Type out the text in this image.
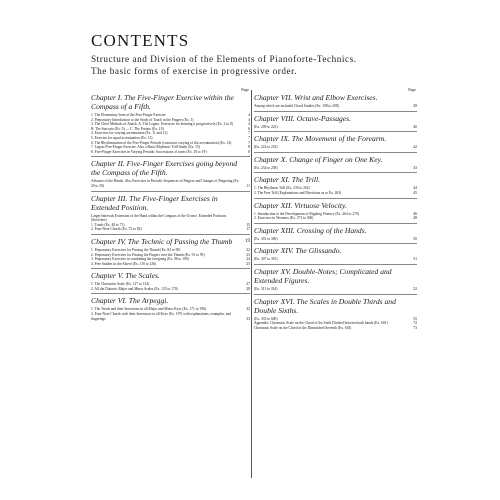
CONTENTS
Structure and Division of the Elements of Pianoforte-Technics.
The basic forms of exercise in progressive order.
Page

Chapter I. The Five-Finger Exercise within the Compass of a Fifth.

1. The Elementary form of the Five-Finger Exercise	4

2. Preparatory Introduction to the Study of Touch in the Fingers (Ex. 1)	4

3. The Chief Methods of Attack: A. The Legato. Exercises for learning it progressively (Ex. 2 to 8)	4

B. The Staccato (Ex. 9) — C. The Portato (Ex. 10)	6

4. Exercises for varying accentuation (Ex. 11 and 12)	7

5. Exercise for equal accentuation (Ex. 13)	7

6. The Rhythmization of the Five-Finger Periods (conscious varying of the accentuation) (Ex. 14)	7

7. Legato Five-Finger Exercise. Also a Basic Rhythmic Trill-Study (Ex. 15)	8

8. Five-Finger Exercises in Varying Periodic Successions of notes (Ex. 16 to 19)	8

Chapter II. Five-Finger Exercises going beyond the Compass of the Fifth.

Advance of the Hands. Also Exercises in Periodic Sequences of Fingers and Changes of Fingering (Ex. 20 to 39)	11

Chapter III. The Five-Finger Exercises in Extended Position.

Larger Intervals Extension of the Hand within the Compass of the Octave. Extended Positions (Stretches)

1. Triads (Ex. 40 to 71)	15

2. Four-Note Chords (Ex. 72 to 82)	17

Chapter IV. The Technic of Passing the Thumb	19

1. Preparatory Exercises for Passing the Thumb (Ex. 84 to 90)	22

2. Preparatory Exercises for Passing the Fingers over the Thumb (Ex. 91 to 95)	23

3. Preparatory Exercises in combining the foregoing (Ex. 96 to 109)	24

4. Free Studies in the Above (Ex. 110 to 126)	25

Chapter V. The Scales.

1. The Chromatic Scale (Ex. 127 to 134)	27

2. All the Diatonic Major and Minor Scales (Ex. 135 to 170)	28

Chapter VI. The Arpeggi.

1. The Triads and their Inversions in all Major and Minor Keys (Ex. 171 to 196)	32

2. Four-Note Chords with their Inversions in all Keys (Ex. 197) with explanations, examples, and fingerings	33

Page

Chapter VII. Wrist and Elbow Exercises.

Among which are included Chord Studies (Ex. 198 to 208)	38

Chapter VIII. Octave-Passages.

(Ex. 209 to 223)	40

Chapter IX. The Movement of the Forearm.

(Ex. 224 to 233)	42

Chapter X. Change of Finger on One Key.

(Ex. 234 to 238)	43

Chapter XI. The Trill.

1. The Rhythmic Trill (Ex. 239 to 262)	44

2. The Free Trill (Explanations and Directions as to Ex. 263)	45

Chapter XII. Virtuose Velocity.

1. Introduction to the Development of Rippling Fluency (Ex. 264 to 270)	46

2. Exercises in Neatness (Ex. 271 to 300)	48

Chapter XIII. Crossing of the Hands.

(Ex. 301 to 306)	50

Chapter XIV. The Glissando.

(Ex. 307 to 310)	51

Chapter XV. Double-Notes; Complicated and Extended Figures.

(Ex. 311 to 334)	52

Chapter XVI. The Scales in Double Thirds and Double Sixths.

(Ex. 335 to 600)	55

Appendix: Chromatic Scale on the Chord of the Sixth Divided between both hands (Ex. 601)	72

Chromatic Scale on the Chord of the Diminished Seventh (Ex. 610)	73
